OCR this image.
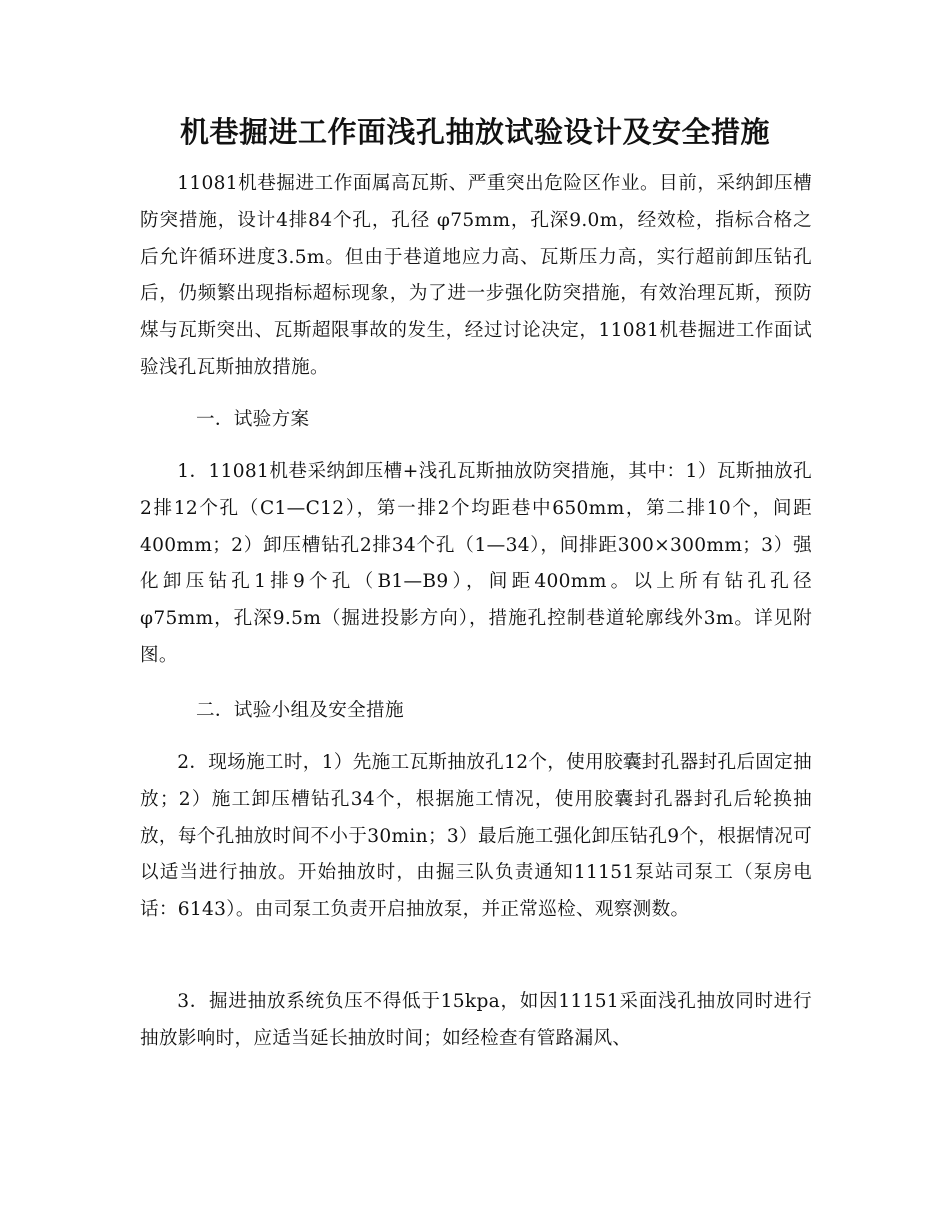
机巷掘进工作面浅孔抽放试验设计及安全措施

11081机巷掘进工作面属高瓦斯、严重突出危险区作业。目前，采纳卸压槽防突措施，设计4排84个孔，孔径 φ75mm，孔深9.0m，经效检，指标合格之后允许循环进度3.5m。但由于巷道地应力高、瓦斯压力高，实行超前卸压钻孔后，仍频繁出现指标超标现象，为了进一步强化防突措施，有效治理瓦斯，预防煤与瓦斯突出、瓦斯超限事故的发生，经过讨论决定，11081机巷掘进工作面试验浅孔瓦斯抽放措施。

一．试验方案

1．11081机巷采纳卸压槽+浅孔瓦斯抽放防突措施，其中：1）瓦斯抽放孔2排12个孔（C1—C12），第一排2个均距巷中650mm，第二排10个，间距400mm；2）卸压槽钻孔2排34个孔（1—34），间排距300×300mm；3）强化卸压钻孔1排9个孔（B1—B9），间距400mm。以上所有钻孔孔径 φ75mm，孔深9.5m（掘进投影方向），措施孔控制巷道轮廓线外3m。详见附图。

二．试验小组及安全措施

2．现场施工时，1）先施工瓦斯抽放孔12个，使用胶囊封孔器封孔后固定抽放；2）施工卸压槽钻孔34个，根据施工情况，使用胶囊封孔器封孔后轮换抽放，每个孔抽放时间不小于30min；3）最后施工强化卸压钻孔9个，根据情况可以适当进行抽放。开始抽放时，由掘三队负责通知11151泵站司泵工（泵房电话：6143）。由司泵工负责开启抽放泵，并正常巡检、观察测数。

3．掘进抽放系统负压不得低于15kpa，如因11151采面浅孔抽放同时进行抽放影响时，应适当延长抽放时间；如经检查有管路漏风、
